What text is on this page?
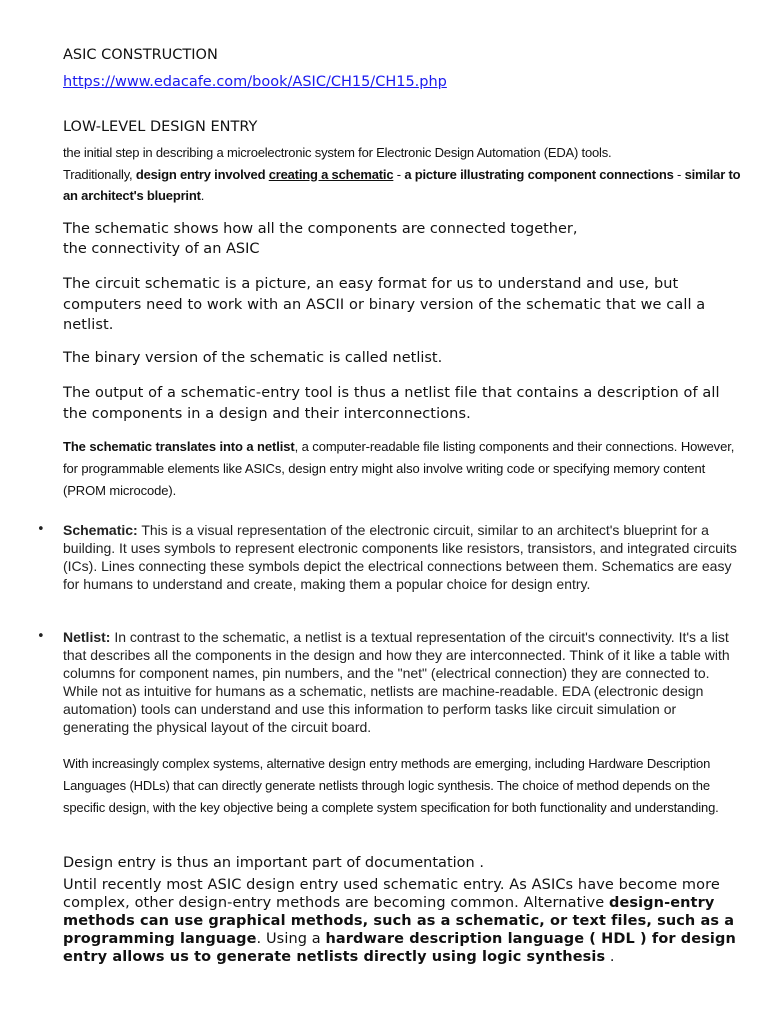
ASIC CONSTRUCTION

https://www.edacafe.com/book/ASIC/CH15/CH15.php

LOW-LEVEL DESIGN ENTRY

the initial step in describing a microelectronic system for Electronic Design Automation (EDA) tools.
Traditionally, design entry involved creating a schematic - a picture illustrating component connections - similar to an architect's blueprint.
The schematic shows how all the components are connected together,
the connectivity of an ASIC

The circuit schematic is a picture, an easy format for us to understand and use, but computers need to work with an ASCII or binary version of the schematic that we call a netlist.

The binary version of the schematic is called netlist.

The output of a schematic-entry tool is thus a netlist file that contains a description of all the components in a design and their interconnections.

The schematic translates into a netlist, a computer-readable file listing components and their connections. However, for programmable elements like ASICs, design entry might also involve writing code or specifying memory content (PROM microcode).

• Schematic: This is a visual representation of the electronic circuit, similar to an architect's blueprint for a building. It uses symbols to represent electronic components like resistors, transistors, and integrated circuits (ICs). Lines connecting these symbols depict the electrical connections between them. Schematics are easy for humans to understand and create, making them a popular choice for design entry.
• Netlist: In contrast to the schematic, a netlist is a textual representation of the circuit's connectivity. It's a list that describes all the components in the design and how they are interconnected. Think of it like a table with columns for component names, pin numbers, and the "net" (electrical connection) they are connected to. While not as intuitive for humans as a schematic, netlists are machine-readable. EDA (electronic design automation) tools can understand and use this information to perform tasks like circuit simulation or generating the physical layout of the circuit board.

With increasingly complex systems, alternative design entry methods are emerging, including Hardware Description Languages (HDLs) that can directly generate netlists through logic synthesis. The choice of method depends on the specific design, with the key objective being a complete system specification for both functionality and understanding.

Design entry is thus an important part of documentation .

Until recently most ASIC design entry used schematic entry. As ASICs have become more complex, other design-entry methods are becoming common. Alternative design-entry methods can use graphical methods, such as a schematic, or text files, such as a programming language. Using a hardware description language ( HDL ) for design entry allows us to generate netlists directly using logic synthesis .
